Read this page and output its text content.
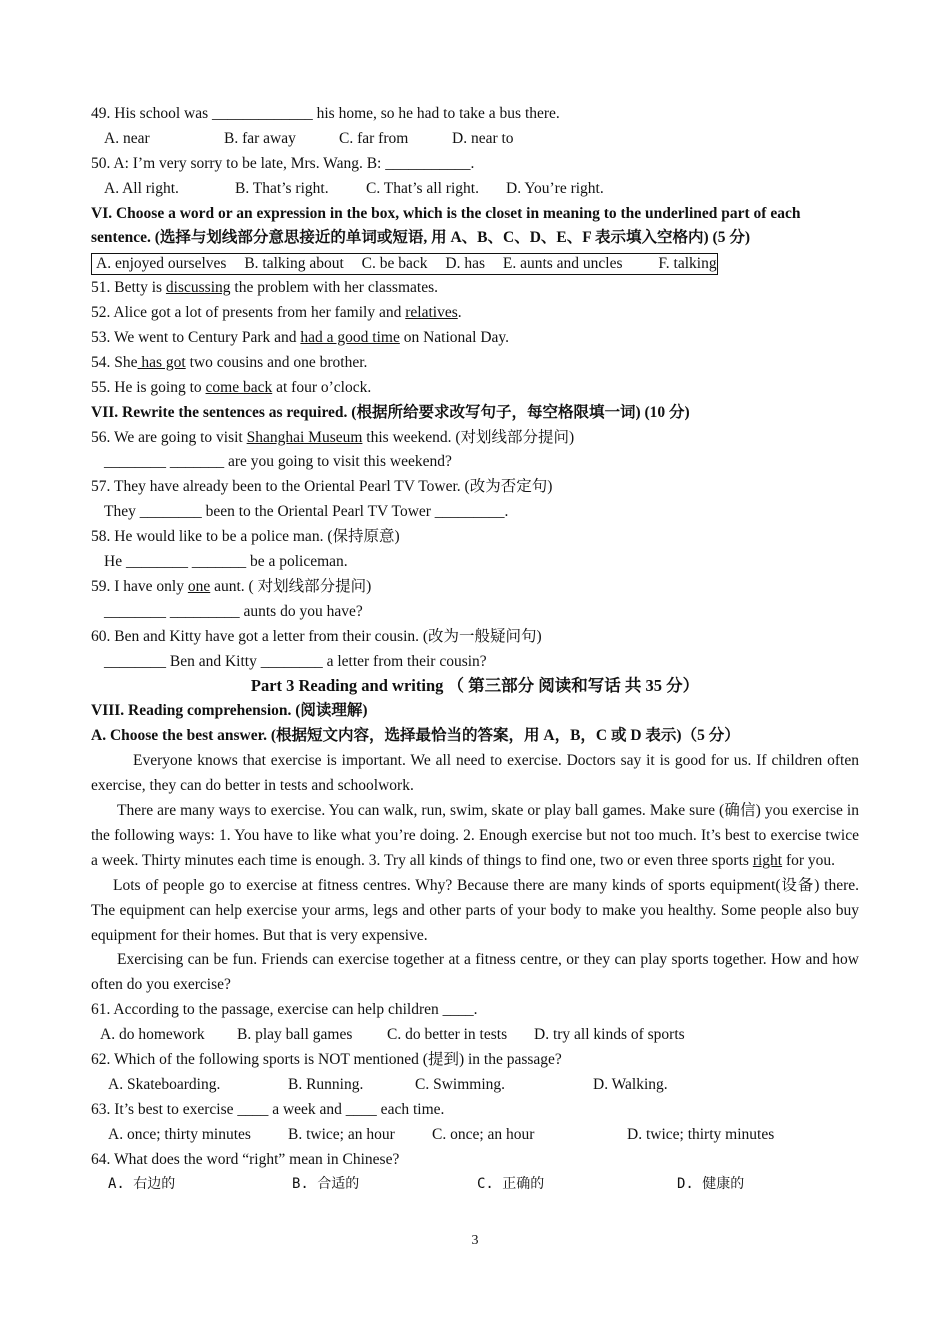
49. His school was _____________ his home, so he had to take a bus there.
A. near	B. far away	C. far from	D. near to
50. A: I’m very sorry to be late, Mrs. Wang. B: ___________.
A. All right.	B. That’s right. C. That’s all right. D. You’re right.
VI. Choose a word or an expression in the box, which is the closet in meaning to the underlined part of each
sentence. (选择与划线部分意思接近的单词或短语, 用 A、B、C、D、E、F 表示填入空格内) (5 分)
A. enjoyed ourselves B. talking about C. be back D. has E. aunts and uncles F. talking
51. Betty is discussing the problem with her classmates.
52. Alice got a lot of presents from her family and relatives.
53. We went to Century Park and had a good time on National Day.
54. She has got two cousins and one brother.
55. He is going to come back at four o’clock.
VII. Rewrite the sentences as required. (根据所给要求改写句子，每空格限填一词) (10 分)
56. We are going to visit Shanghai Museum this weekend. (对划线部分提问)
________ _______ are you going to visit this weekend?
57. They have already been to the Oriental Pearl TV Tower. (改为否定句)
They ________ been to the Oriental Pearl TV Tower _________.
58. He would like to be a police man. (保持原意)
He ________ _______ be a policeman.
59. I have only one aunt. ( 对划线部分提问)
________ _________ aunts do you have?
60. Ben and Kitty have got a letter from their cousin. (改为一般疑问句)
________ Ben and Kitty ________ a letter from their cousin?
Part 3 Reading and writing （ 第三部分 阅读和写话 共 35 分）
VIII. Reading comprehension. (阅读理解)
A. Choose the best answer. (根据短文内容，选择最恰当的答案，用 A，B，C 或 D 表示)（5 分）

Everyone knows that exercise is important. We all need to exercise. Doctors say it is good for us. If children often exercise, they can do better in tests and schoolwork.

There are many ways to exercise. You can walk, run, swim, skate or play ball games. Make sure (确信) you exercise in the following ways: 1. You have to like what you’re doing. 2. Enough exercise but not too much. It’s best to exercise twice a week. Thirty minutes each time is enough. 3. Try all kinds of things to find one, two or even three sports right for you.

Lots of people go to exercise at fitness centres. Why? Because there are many kinds of sports equipment(设备) there. The equipment can help exercise your arms, legs and other parts of your body to make you healthy. Some people also buy equipment for their homes. But that is very expensive.

Exercising can be fun. Friends can exercise together at a fitness centre, or they can play sports together. How and how often do you exercise?

61. According to the passage, exercise can help children ____.
A. do homework B. play ball games C. do better in tests D. try all kinds of sports
62. Which of the following sports is NOT mentioned (提到) in the passage?
A. Skateboarding.	B. Running.	C. Swimming.	D. Walking.
63. It’s best to exercise ____ a week and ____ each time.
A. once; thirty minutes B. twice; an hour C. once; an hour	D. twice; thirty minutes
64. What does the word “right” mean in Chinese?
A. 右边的	B. 合适的	C. 正确的	D. 健康的
3
